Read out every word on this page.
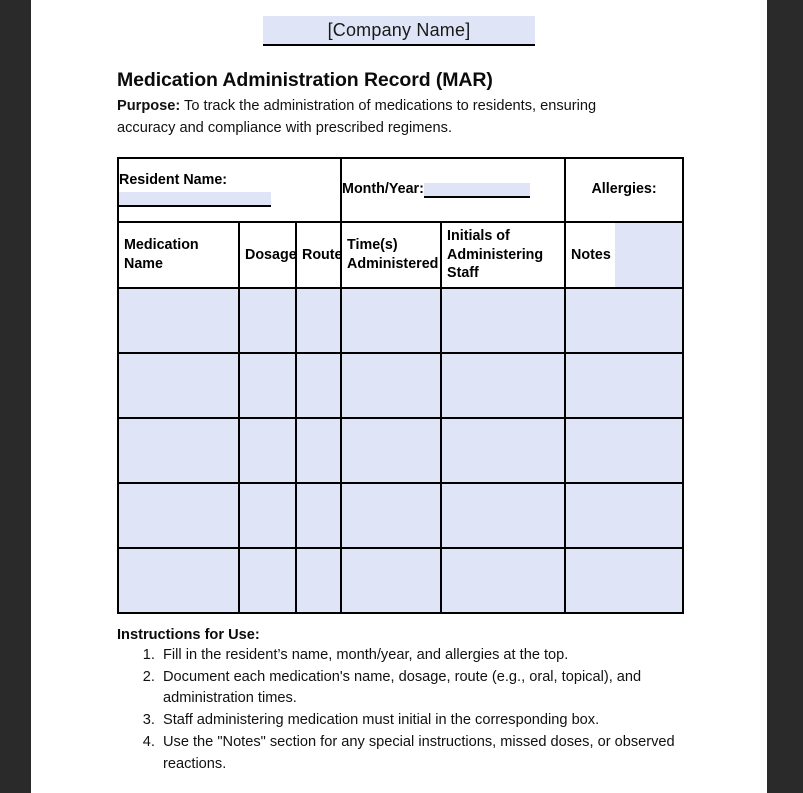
[Company Name]
Medication Administration Record (MAR)
Purpose: To track the administration of medications to residents, ensuring accuracy and compliance with prescribed regimens.
Resident Name:			Month/Year:		Allergies:

Medication Name	Dosage	Route	Time(s) Administered	Initials of Administering Staff	Notes

Instructions for Use:
1. Fill in the resident’s name, month/year, and allergies at the top.
2. Document each medication's name, dosage, route (e.g., oral, topical), and administration times.
3. Staff administering medication must initial in the corresponding box.
4. Use the "Notes" section for any special instructions, missed doses, or observed reactions.
